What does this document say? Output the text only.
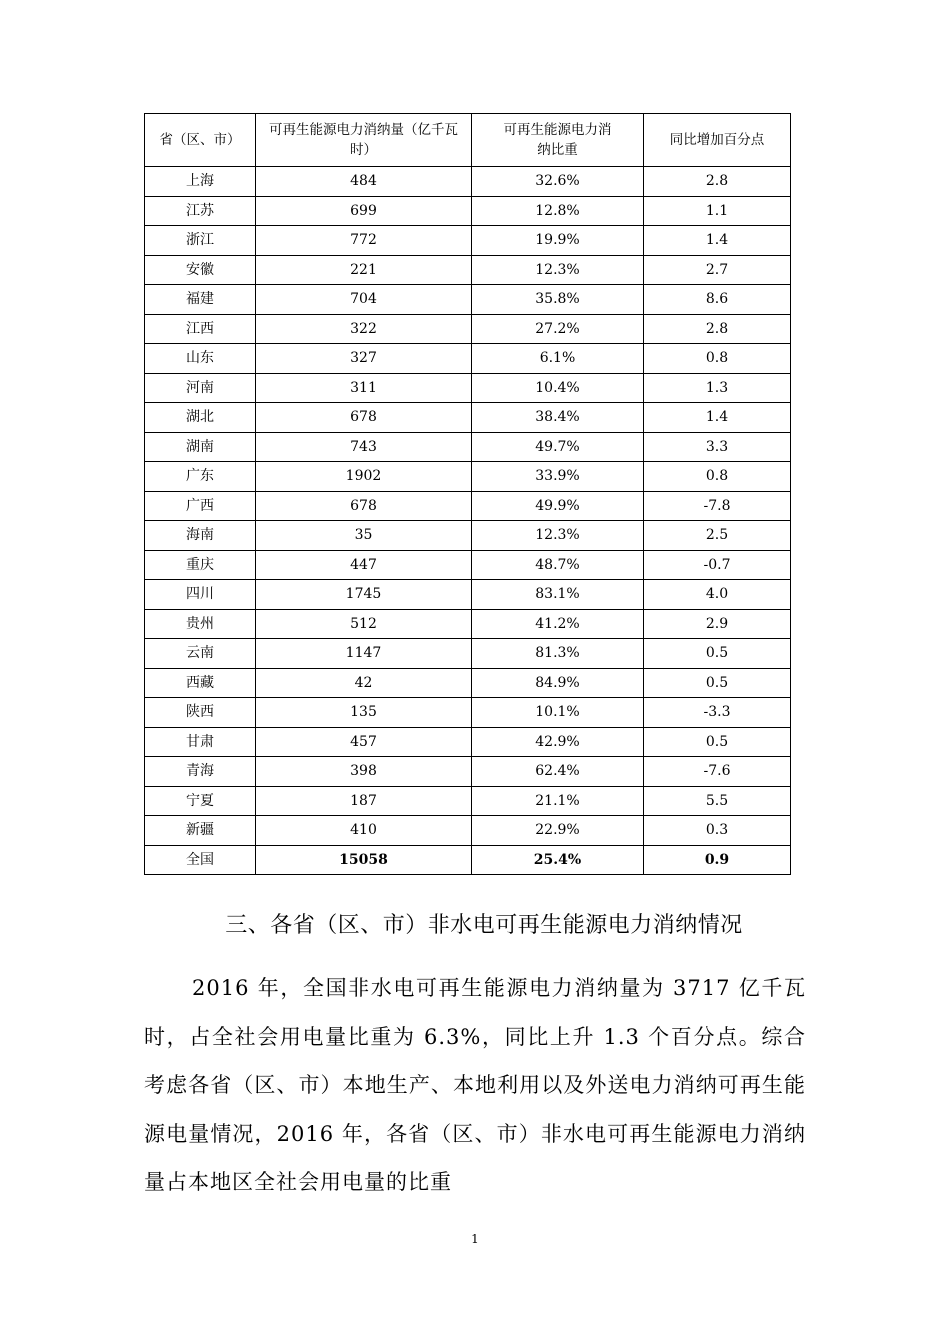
省（区、市）	可再生能源电力消纳量（亿千瓦时）	可再生能源电力消纳比重	同比增加百分点
上海	484	32.6%	2.8
江苏	699	12.8%	1.1
浙江	772	19.9%	1.4
安徽	221	12.3%	2.7
福建	704	35.8%	8.6
江西	322	27.2%	2.8
山东	327	6.1%	0.8
河南	311	10.4%	1.3
湖北	678	38.4%	1.4
湖南	743	49.7%	3.3
广东	1902	33.9%	0.8
广西	678	49.9%	-7.8
海南	35	12.3%	2.5
重庆	447	48.7%	-0.7
四川	1745	83.1%	4.0
贵州	512	41.2%	2.9
云南	1147	81.3%	0.5
西藏	42	84.9%	0.5
陕西	135	10.1%	-3.3
甘肃	457	42.9%	0.5
青海	398	62.4%	-7.6
宁夏	187	21.1%	5.5
新疆	410	22.9%	0.3
全国	15058	25.4%	0.9
三、各省（区、市）非水电可再生能源电力消纳情况
2016 年，全国非水电可再生能源电力消纳量为 3717 亿千瓦时，占全社会用电量比重为 6.3%，同比上升 1.3 个百分点。综合考虑各省（区、市）本地生产、本地利用以及外送电力消纳可再生能源电量情况，2016 年，各省（区、市）非水电可再生能源电力消纳量占本地区全社会用电量的比重
1
